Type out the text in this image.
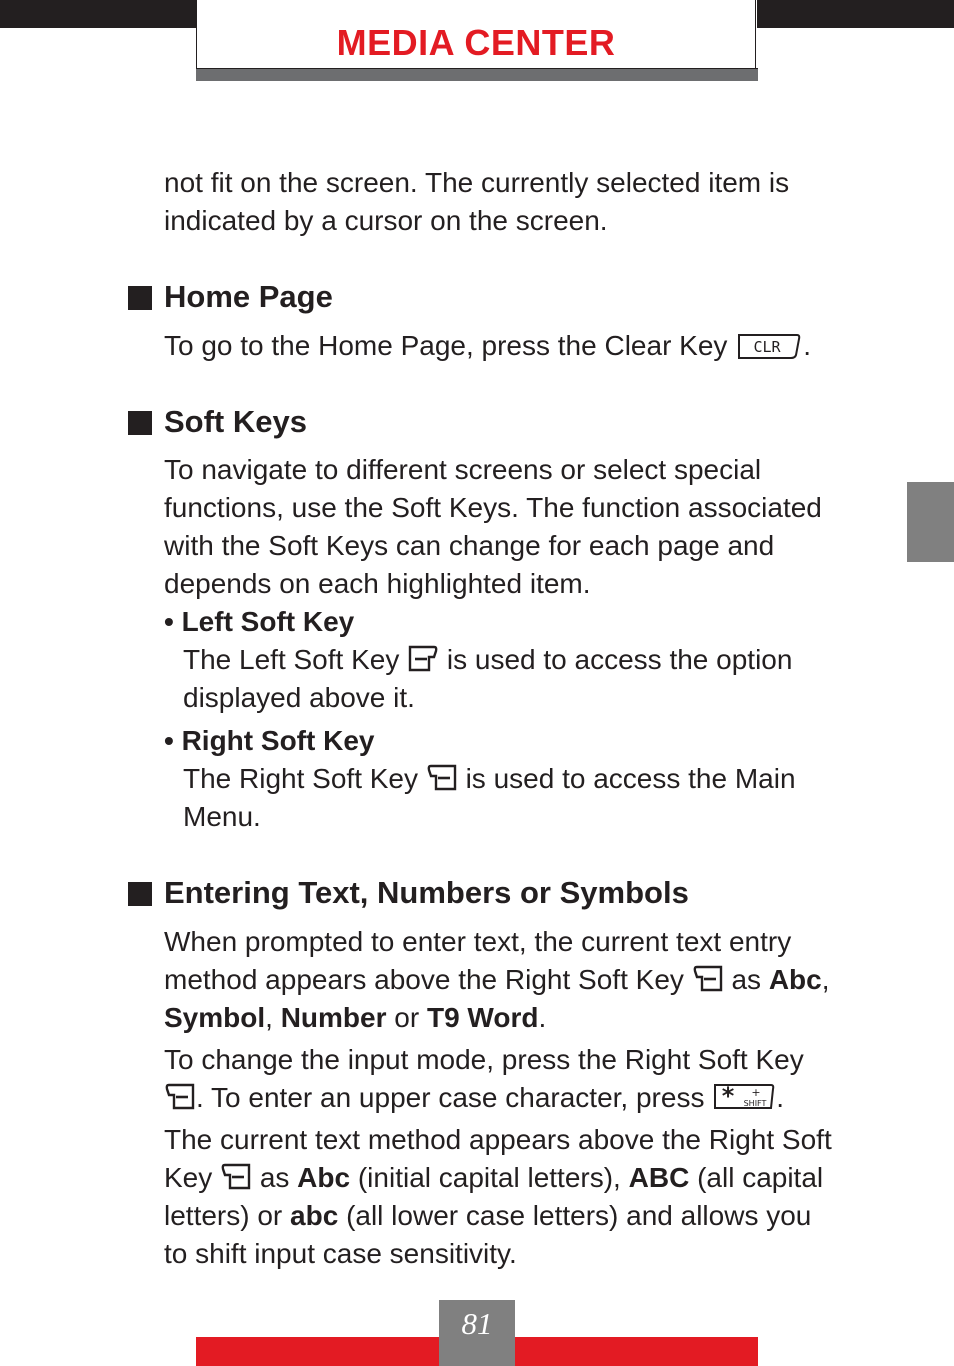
MEDIA CENTER

not fit on the screen. The currently selected item is

indicated by a cursor on the screen.

Home Page

To go to the Home Page, press the Clear Key CLR .

Soft Keys

To navigate to different screens or select special

functions, use the Soft Keys. The function associated

with the Soft Keys can change for each page and

depends on each highlighted item.

• Left Soft Key

The Left Soft Key is used to access the option

displayed above it.

• Right Soft Key

The Right Soft Key is used to access the Main

Menu.

Entering Text, Numbers or Symbols

When prompted to enter text, the current text entry

method appears above the Right Soft Key as Abc,

Symbol, Number or T9 Word.

To change the input mode, press the Right Soft Key

. To enter an upper case character, press * +
SHIFT .

The current text method appears above the Right Soft

Key as Abc (initial capital letters), ABC (all capital

letters) or abc (all lower case letters) and allows you

to shift input case sensitivity.

81
